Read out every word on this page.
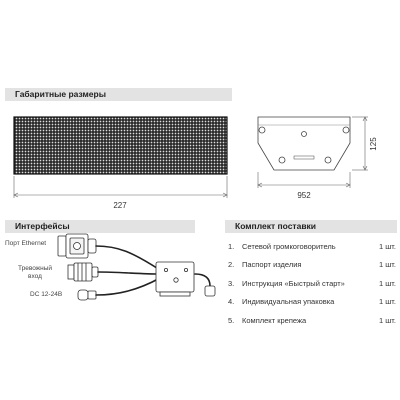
Габаритные размеры
Интерфейсы	Комплект поставки
227
952
125
Порт Ethernet
Тревожный
вход
DC 12-24В
1.	Сетевой громкоговоритель	1 шт.
2.	Паспорт изделия	1 шт.
3.	Инструкция «Быстрый старт»	1 шт.
4.	Индивидуальная упаковка	1 шт.
5.	Комплект крепежа	1 шт.
